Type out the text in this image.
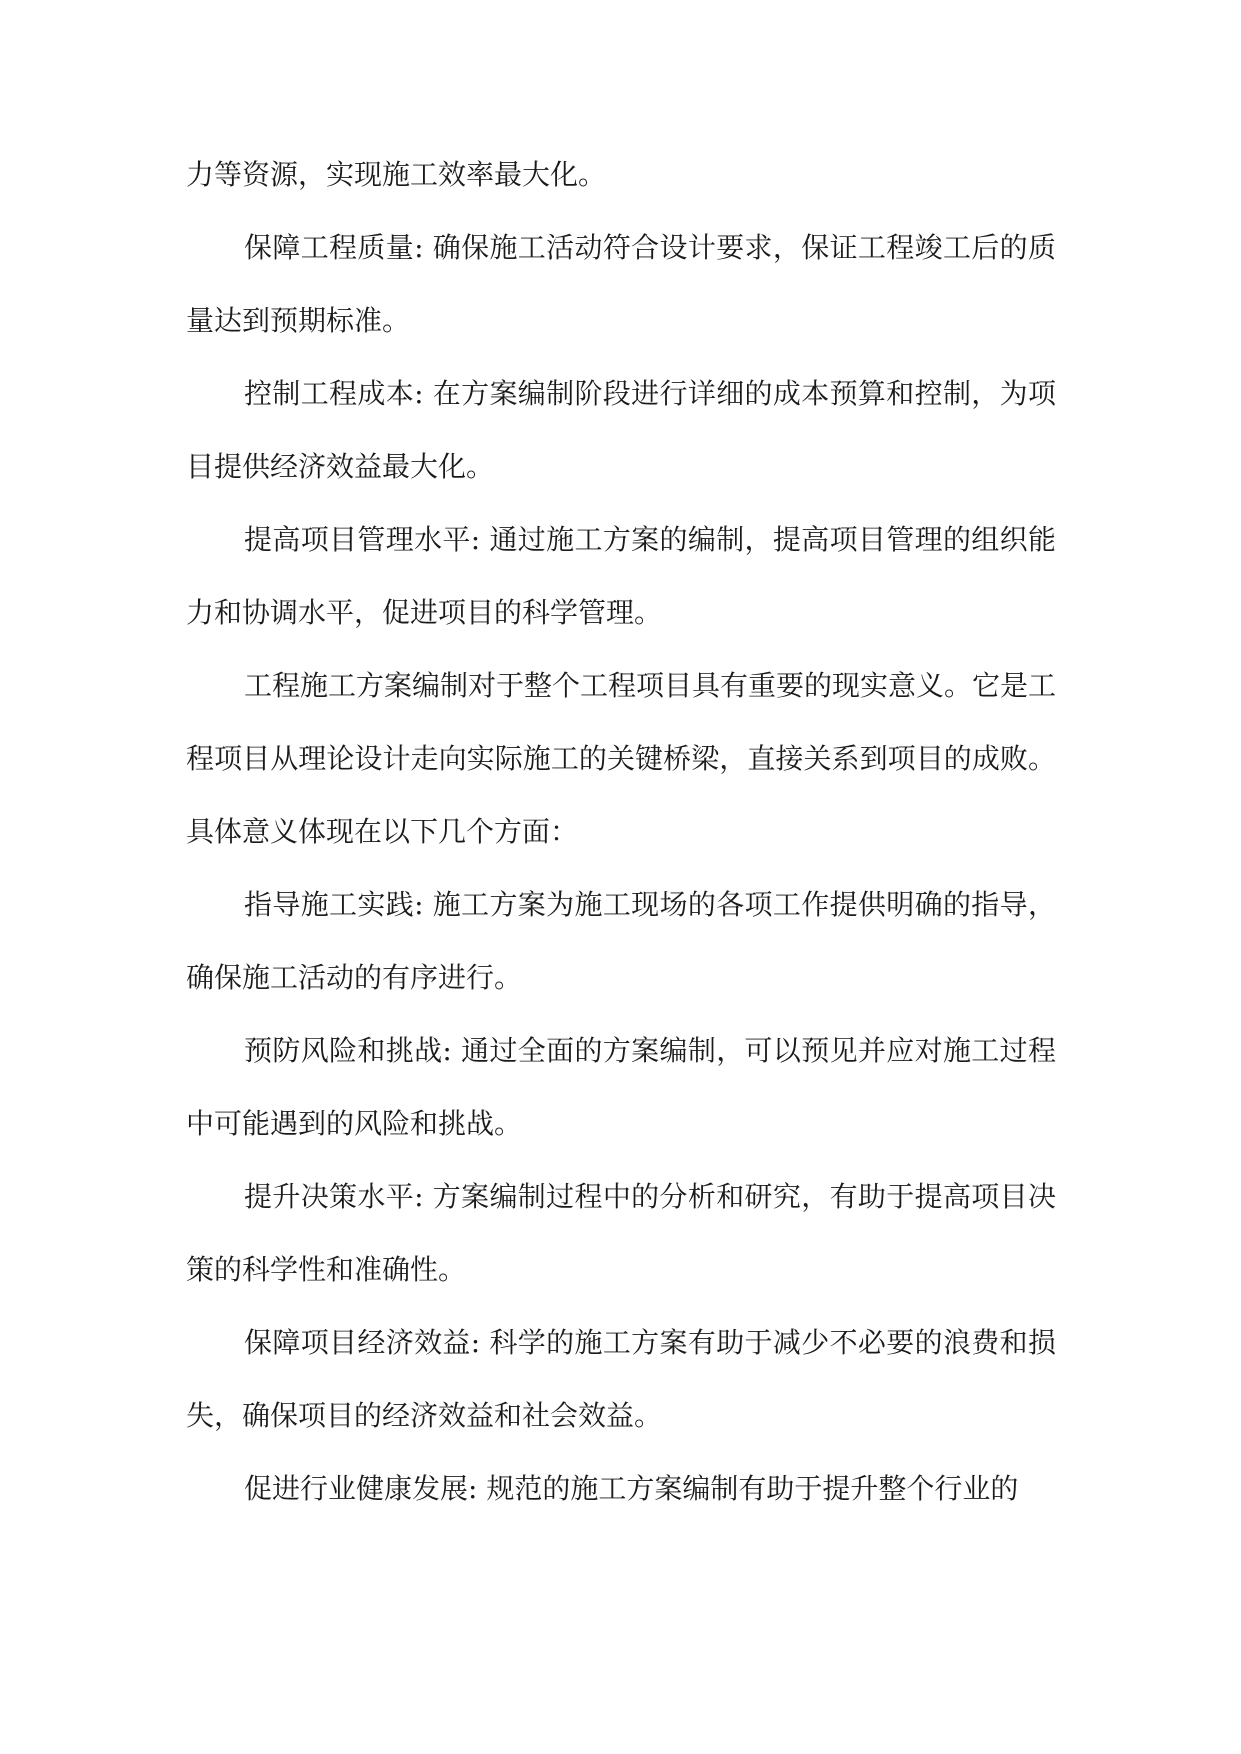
力等资源，实现施工效率最大化。

保障工程质量: 确保施工活动符合设计要求，保证工程竣工后的质量达到预期标准。

控制工程成本: 在方案编制阶段进行详细的成本预算和控制，为项目提供经济效益最大化。

提高项目管理水平: 通过施工方案的编制，提高项目管理的组织能力和协调水平，促进项目的科学管理。

工程施工方案编制对于整个工程项目具有重要的现实意义。它是工程项目从理论设计走向实际施工的关键桥梁，直接关系到项目的成败。具体意义体现在以下几个方面：

指导施工实践: 施工方案为施工现场的各项工作提供明确的指导，确保施工活动的有序进行。

预防风险和挑战: 通过全面的方案编制，可以预见并应对施工过程中可能遇到的风险和挑战。

提升决策水平: 方案编制过程中的分析和研究，有助于提高项目决策的科学性和准确性。

保障项目经济效益: 科学的施工方案有助于减少不必要的浪费和损失，确保项目的经济效益和社会效益。

促进行业健康发展: 规范的施工方案编制有助于提升整个行业的
